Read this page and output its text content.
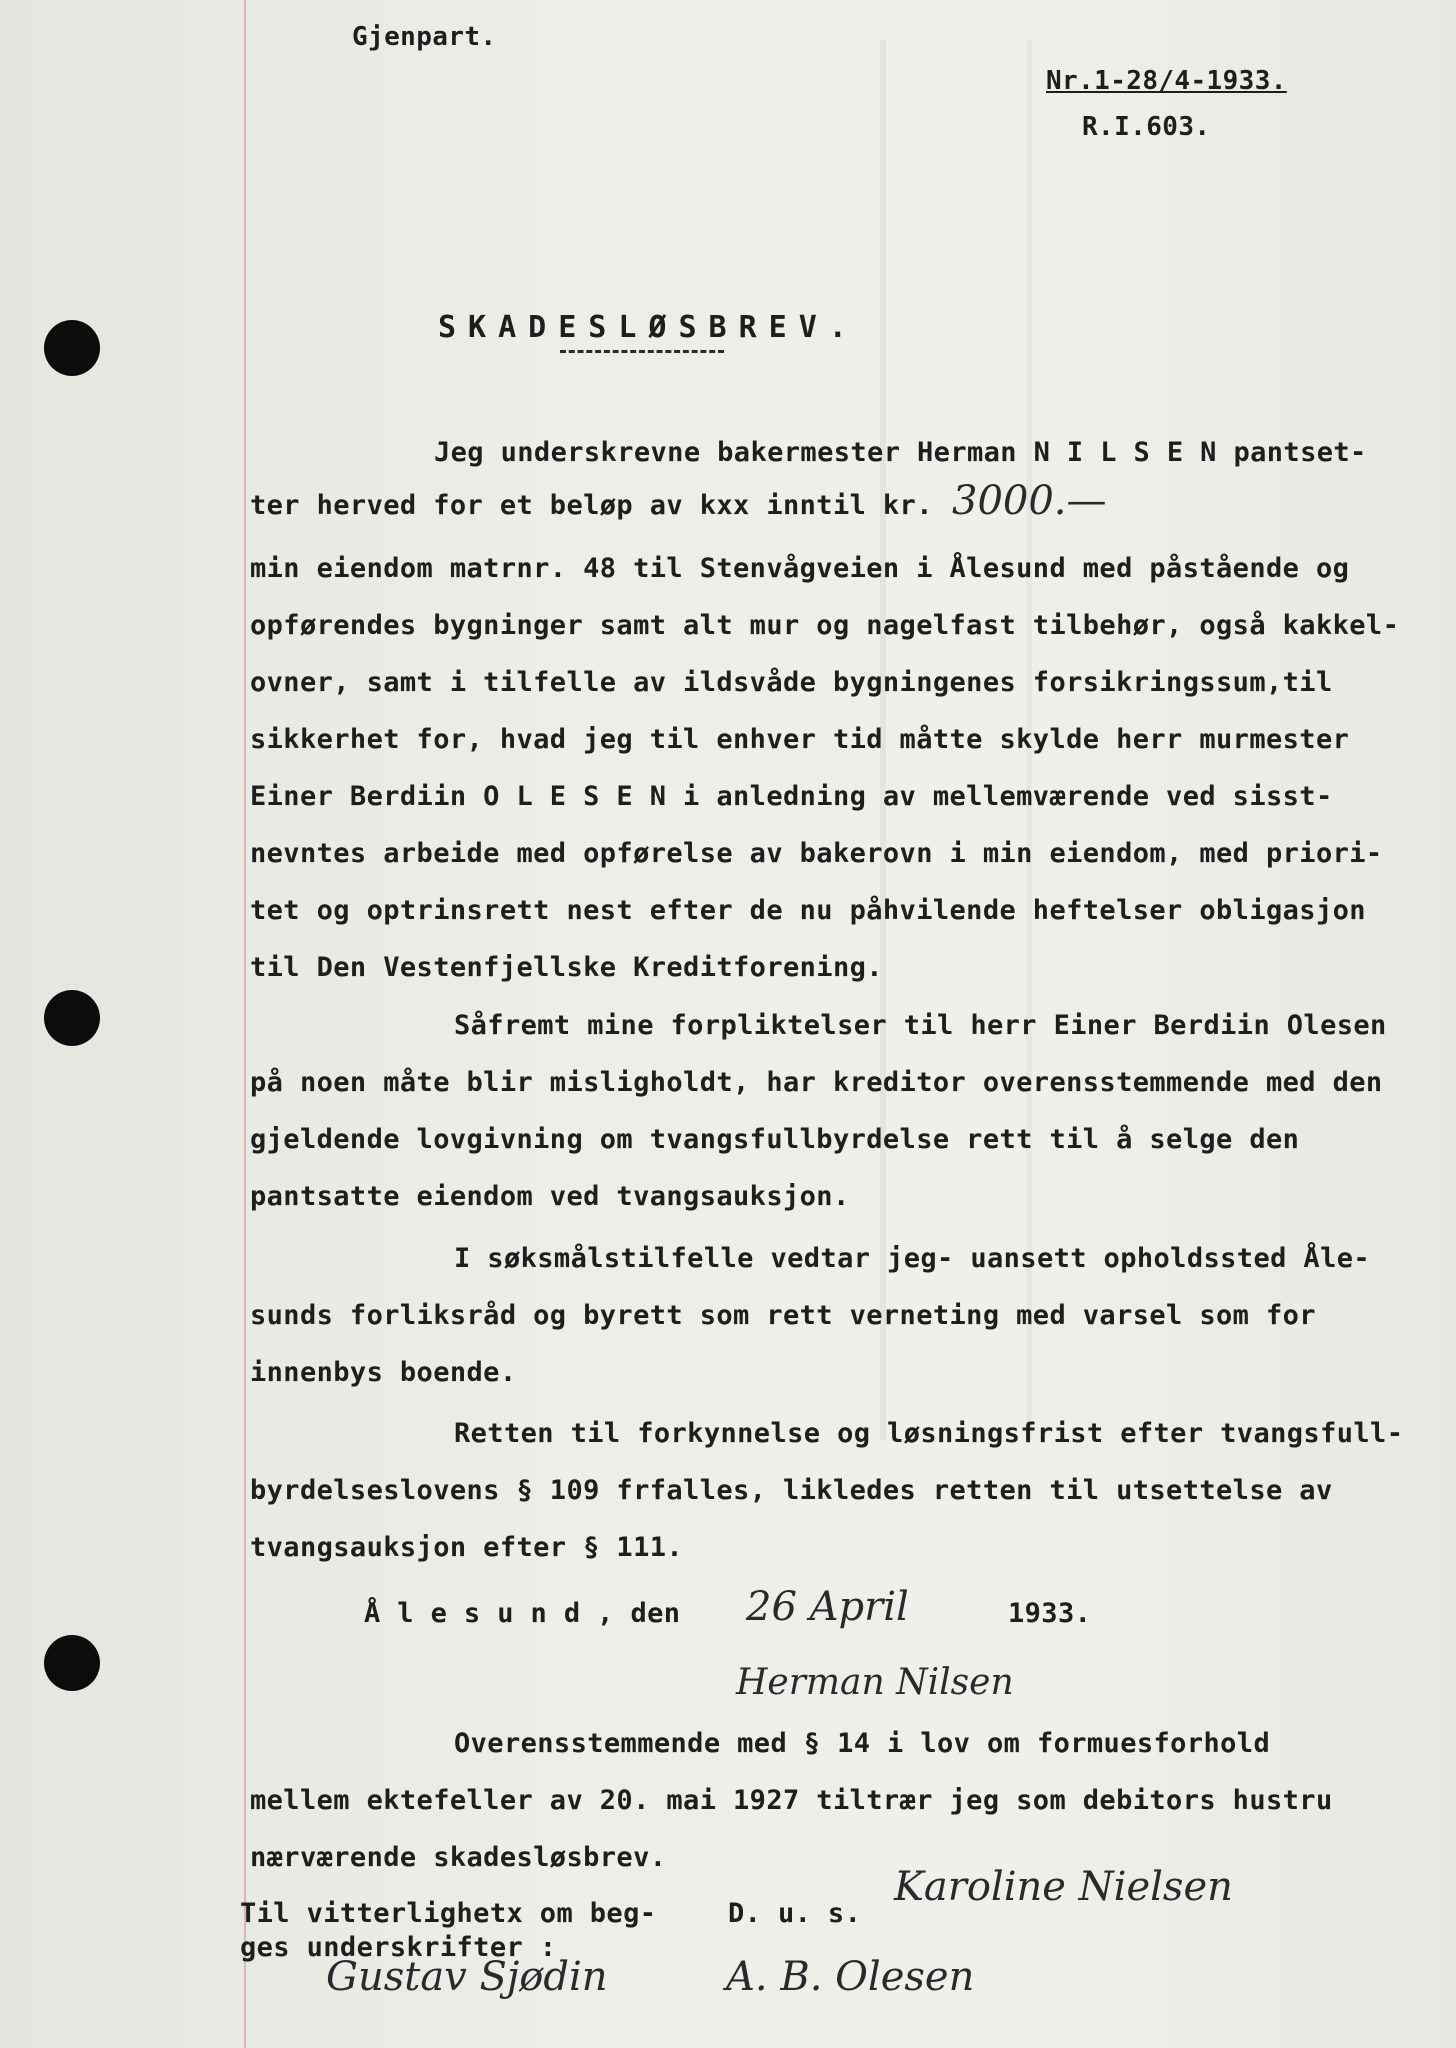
Gjenpart.
Nr.1-28/4-1933.
R.I.603.
SKADESLØSBREV.
Jeg underskrevne bakermester Herman N I L S E N pantset-
ter herved for et beløp av kxx inntil kr. 3000.—
min eiendom matrnr. 48 til Stenvågveien i Ålesund med påstående og
opførendes bygninger samt alt mur og nagelfast tilbehør, også kakkel-
ovner, samt i tilfelle av ildsvåde bygningenes forsikringssum,til
sikkerhet for, hvad jeg til enhver tid måtte skylde herr murmester
Einer Berdiin O L E S E N i anledning av mellemværende ved sisst-
nevntes arbeide med opførelse av bakerovn i min eiendom, med priori-
tet og optrinsrett nest efter de nu påhvilende heftelser obligasjon
til Den Vestenfjellske Kreditforening.
Såfremt mine forpliktelser til herr Einer Berdiin Olesen
på noen måte blir misligholdt, har kreditor overensstemmende med den
gjeldende lovgivning om tvangsfullbyrdelse rett til å selge den
pantsatte eiendom ved tvangsauksjon.
I søksmålstilfelle vedtar jeg- uansett opholdssted Åle-
sunds forliksråd og byrett som rett verneting med varsel som for
innenbys boende.
Retten til forkynnelse og løsningsfrist efter tvangsfull-
byrdelseslovens § 109 frfalles, likledes retten til utsettelse av
tvangsauksjon efter § 111.
Å l e s u n d , den 26 April	1933.
Herman Nilsen
Overensstemmende med § 14 i lov om formuesforhold
mellem ektefeller av 20. mai 1927 tiltrær jeg som debitors hustru
nærværende skadesløsbrev.
Til vitterlighetx om beg-
ges underskrifter :
D. u. s.
Karoline Nielsen
Gustav Sjødin	A. B. Olesen
